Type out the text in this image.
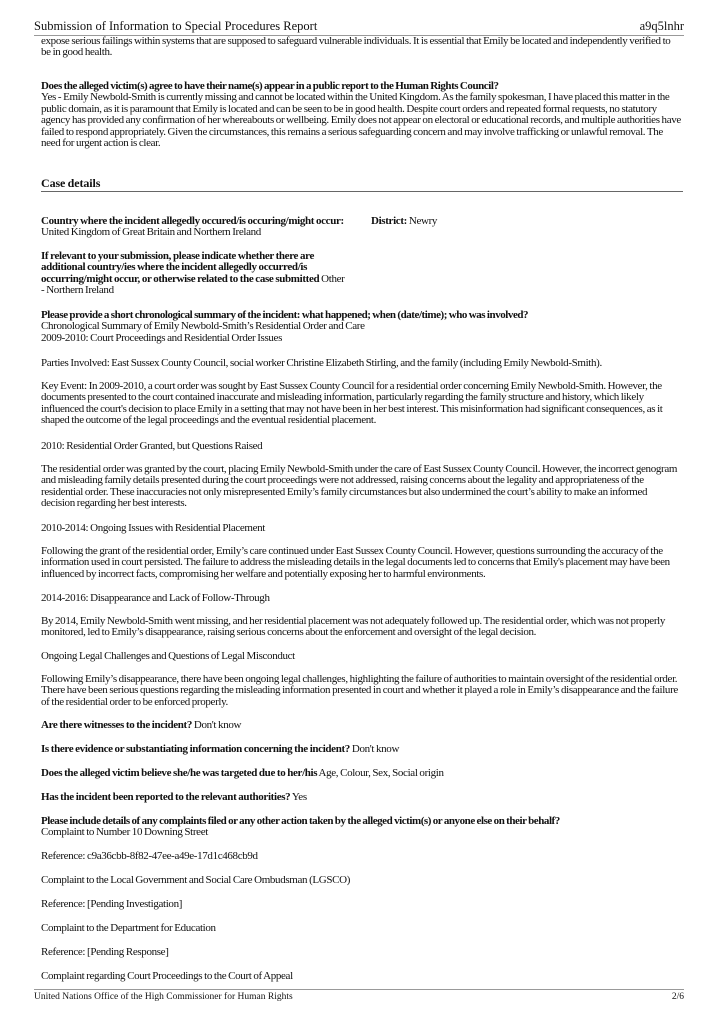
Submission of Information to Special Procedures Report	a9q5lnhr

expose serious failings within systems that are supposed to safeguard vulnerable individuals. It is essential that Emily be located and independently verified to be in good health.

Does the alleged victim(s) agree to have their name(s) appear in a public report to the Human Rights Council?

Yes - Emily Newbold-Smith is currently missing and cannot be located within the United Kingdom. As the family spokesman, I have placed this matter in the public domain, as it is paramount that Emily is located and can be seen to be in good health. Despite court orders and repeated formal requests, no statutory agency has provided any confirmation of her whereabouts or wellbeing. Emily does not appear on electoral or educational records, and multiple authorities have failed to respond appropriately. Given the circumstances, this remains a serious safeguarding concern and may involve trafficking or unlawful removal. The need for urgent action is clear.

Case details

Country where the incident allegedly occured/is occuring/might occur: United Kingdom of Great Britain and Northern Ireland

District: Newry

If relevant to your submission, please indicate whether there are additional country/ies where the incident allegedly occurred/is occurring/might occur, or otherwise related to the case submitted Other - Northern Ireland

Please provide a short chronological summary of the incident: what happened; when (date/time); who was involved?

Chronological Summary of Emily Newbold-Smith’s Residential Order and Care

2009-2010: Court Proceedings and Residential Order Issues

Parties Involved: East Sussex County Council, social worker Christine Elizabeth Stirling, and the family (including Emily Newbold-Smith).

Key Event: In 2009-2010, a court order was sought by East Sussex County Council for a residential order concerning Emily Newbold-Smith. However, the documents presented to the court contained inaccurate and misleading information, particularly regarding the family structure and history, which likely influenced the court's decision to place Emily in a setting that may not have been in her best interest. This misinformation had significant consequences, as it shaped the outcome of the legal proceedings and the eventual residential placement.

2010: Residential Order Granted, but Questions Raised

The residential order was granted by the court, placing Emily Newbold-Smith under the care of East Sussex County Council. However, the incorrect genogram and misleading family details presented during the court proceedings were not addressed, raising concerns about the legality and appropriateness of the residential order. These inaccuracies not only misrepresented Emily’s family circumstances but also undermined the court’s ability to make an informed decision regarding her best interests.

2010-2014: Ongoing Issues with Residential Placement

Following the grant of the residential order, Emily’s care continued under East Sussex County Council. However, questions surrounding the accuracy of the information used in court persisted. The failure to address the misleading details in the legal documents led to concerns that Emily's placement may have been influenced by incorrect facts, compromising her welfare and potentially exposing her to harmful environments.

2014-2016: Disappearance and Lack of Follow-Through

By 2014, Emily Newbold-Smith went missing, and her residential placement was not adequately followed up. The residential order, which was not properly monitored, led to Emily’s disappearance, raising serious concerns about the enforcement and oversight of the legal decision.

Ongoing Legal Challenges and Questions of Legal Misconduct

Following Emily’s disappearance, there have been ongoing legal challenges, highlighting the failure of authorities to maintain oversight of the residential order. There have been serious questions regarding the misleading information presented in court and whether it played a role in Emily’s disappearance and the failure of the residential order to be enforced properly.

Are there witnesses to the incident? Don't know

Is there evidence or substantiating information concerning the incident? Don't know

Does the alleged victim believe she/he was targeted due to her/his Age, Colour, Sex, Social origin

Has the incident been reported to the relevant authorities? Yes

Please include details of any complaints filed or any other action taken by the alleged victim(s) or anyone else on their behalf?

Complaint to Number 10 Downing Street

Reference: c9a36cbb-8f82-47ee-a49e-17d1c468cb9d

Complaint to the Local Government and Social Care Ombudsman (LGSCO)

Reference: [Pending Investigation]

Complaint to the Department for Education

Reference: [Pending Response]

Complaint regarding Court Proceedings to the Court of Appeal

United Nations Office of the High Commissioner for Human Rights	2/6
